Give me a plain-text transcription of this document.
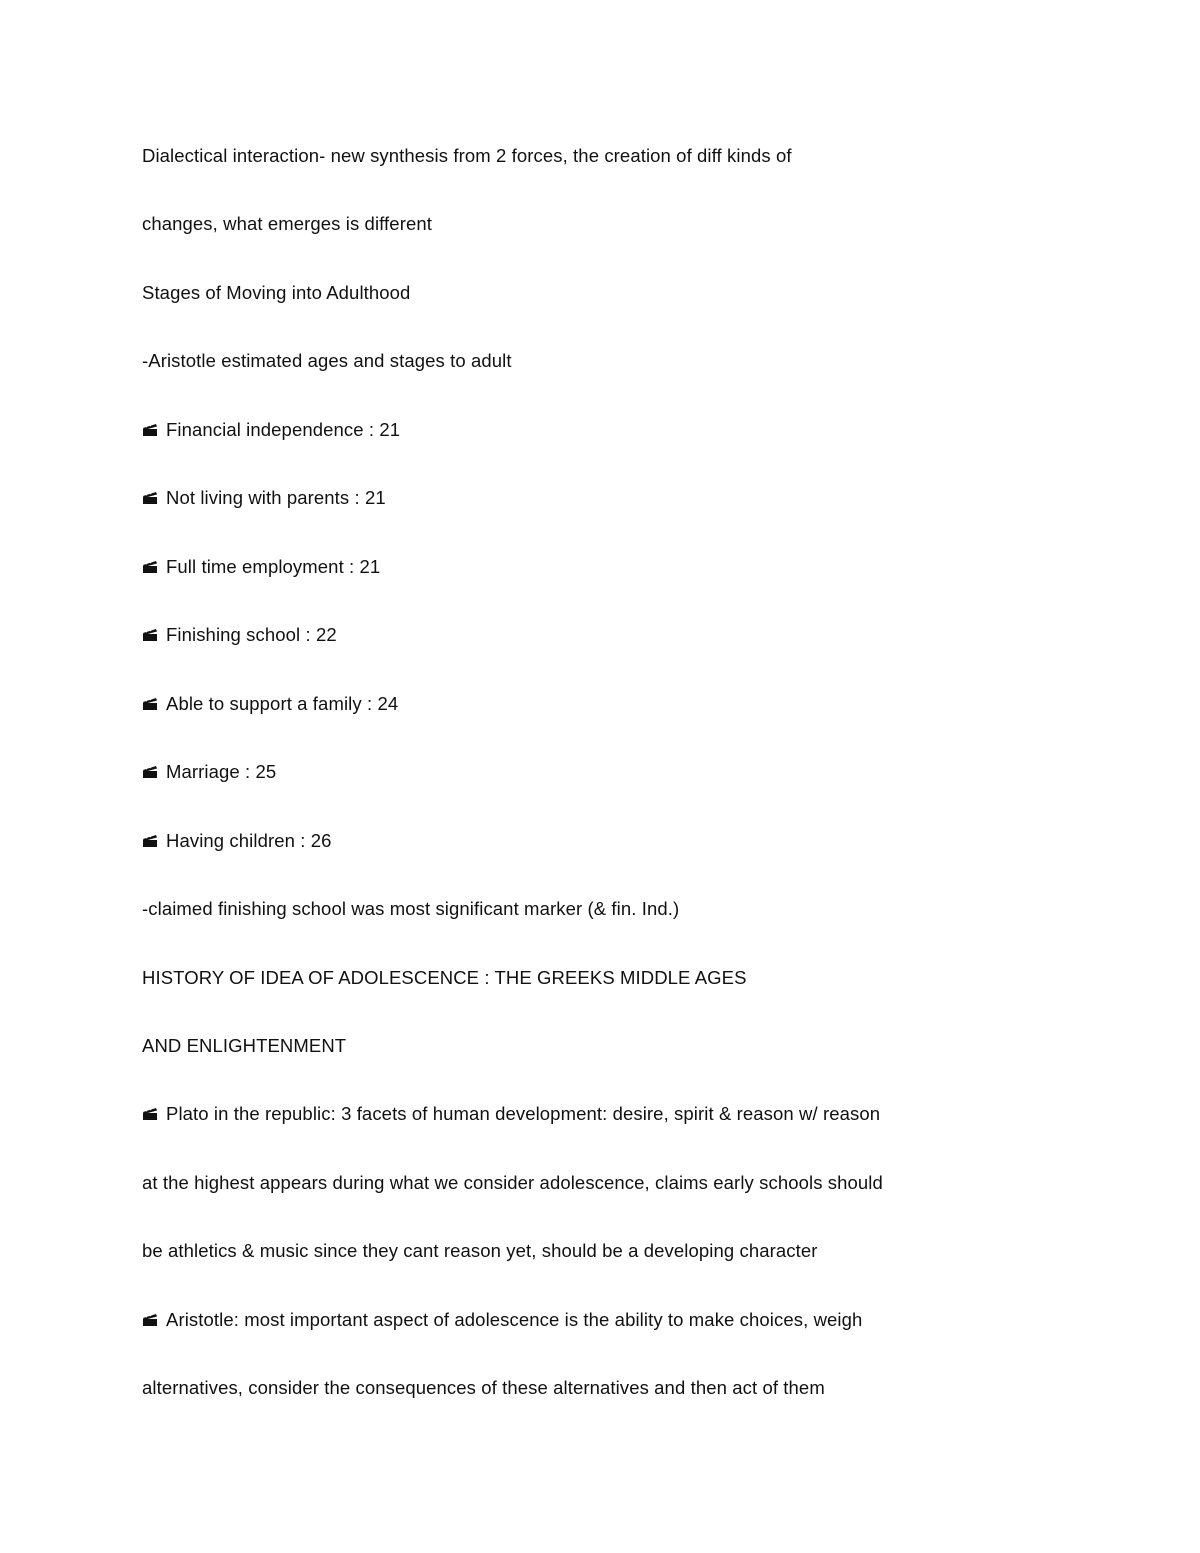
Dialectical interaction- new synthesis from 2 forces, the creation of diff kinds of
changes, what emerges is different
Stages of Moving into Adulthood
-Aristotle estimated ages and stages to adult
Financial independence : 21
Not living with parents : 21
Full time employment : 21
Finishing school : 22
Able to support a family : 24
Marriage : 25
Having children : 26
-claimed finishing school was most significant marker (& fin. Ind.)
HISTORY OF IDEA OF ADOLESCENCE : THE GREEKS MIDDLE AGES
AND ENLIGHTENMENT
Plato in the republic: 3 facets of human development: desire, spirit & reason w/ reason
at the highest appears during what we consider adolescence, claims early schools should
be athletics & music since they cant reason yet, should be a developing character
Aristotle: most important aspect of adolescence is the ability to make choices, weigh
alternatives, consider the consequences of these alternatives and then act of them
